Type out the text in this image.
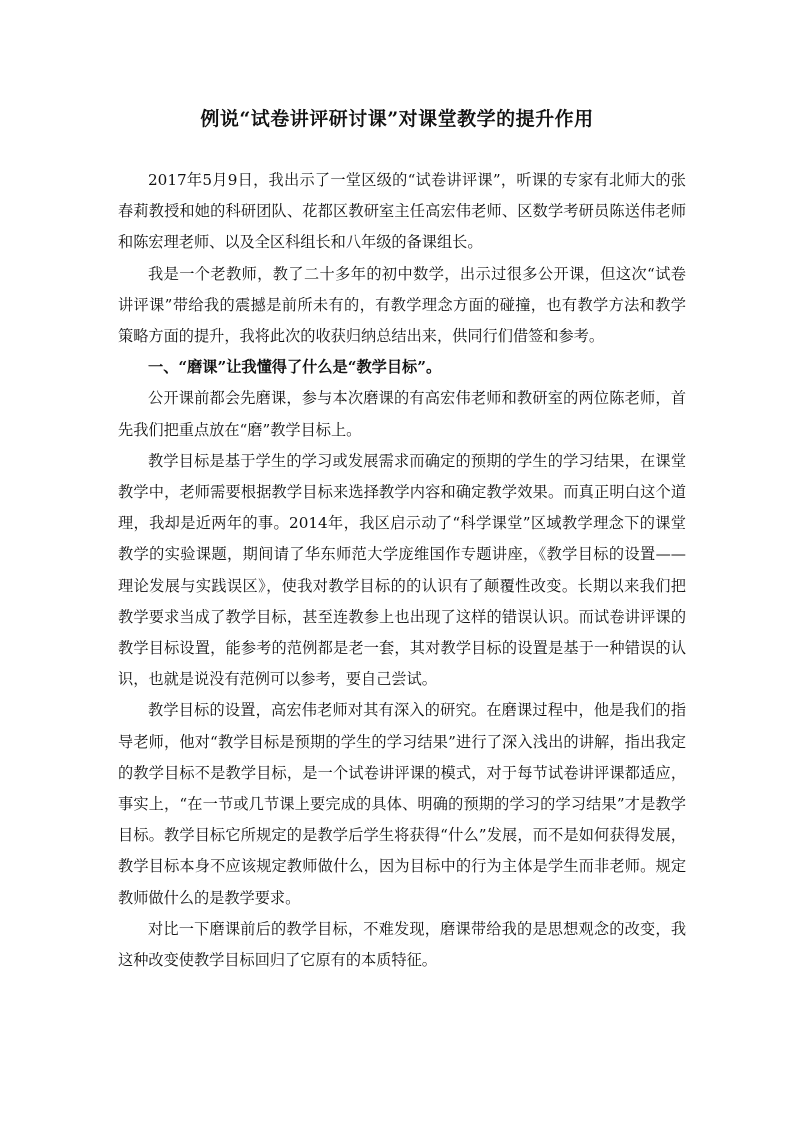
例说“试卷讲评研讨课”对课堂教学的提升作用

2017年5月9日，我出示了一堂区级的“试卷讲评课”，听课的专家有北师大的张春莉教授和她的科研团队、花都区教研室主任高宏伟老师、区数学考研员陈送伟老师和陈宏理老师、以及全区科组长和八年级的备课组长。

我是一个老教师，教了二十多年的初中数学，出示过很多公开课，但这次“试卷讲评课”带给我的震撼是前所未有的，有教学理念方面的碰撞，也有教学方法和教学策略方面的提升，我将此次的收获归纳总结出来，供同行们借签和参考。

一、“磨课”让我懂得了什么是“教学目标”。

公开课前都会先磨课，参与本次磨课的有高宏伟老师和教研室的两位陈老师，首先我们把重点放在“磨”教学目标上。

教学目标是基于学生的学习或发展需求而确定的预期的学生的学习结果，在课堂教学中，老师需要根据教学目标来选择教学内容和确定教学效果。而真正明白这个道理，我却是近两年的事。2014年，我区启示动了“科学课堂”区域教学理念下的课堂教学的实验课题，期间请了华东师范大学庞维国作专题讲座，《教学目标的设置——理论发展与实践误区》，使我对教学目标的的认识有了颠覆性改变。长期以来我们把教学要求当成了教学目标，甚至连教参上也出现了这样的错误认识。而试卷讲评课的教学目标设置，能参考的范例都是老一套，其对教学目标的设置是基于一种错误的认识，也就是说没有范例可以参考，要自己尝试。

教学目标的设置，高宏伟老师对其有深入的研究。在磨课过程中，他是我们的指导老师，他对“教学目标是预期的学生的学习结果”进行了深入浅出的讲解，指出我定的教学目标不是教学目标，是一个试卷讲评课的模式，对于每节试卷讲评课都适应，事实上，“在一节或几节课上要完成的具体、明确的预期的学习的学习结果”才是教学目标。教学目标它所规定的是教学后学生将获得“什么”发展，而不是如何获得发展，教学目标本身不应该规定教师做什么，因为目标中的行为主体是学生而非老师。规定教师做什么的是教学要求。

对比一下磨课前后的教学目标，不难发现，磨课带给我的是思想观念的改变，我这种改变使教学目标回归了它原有的本质特征。
